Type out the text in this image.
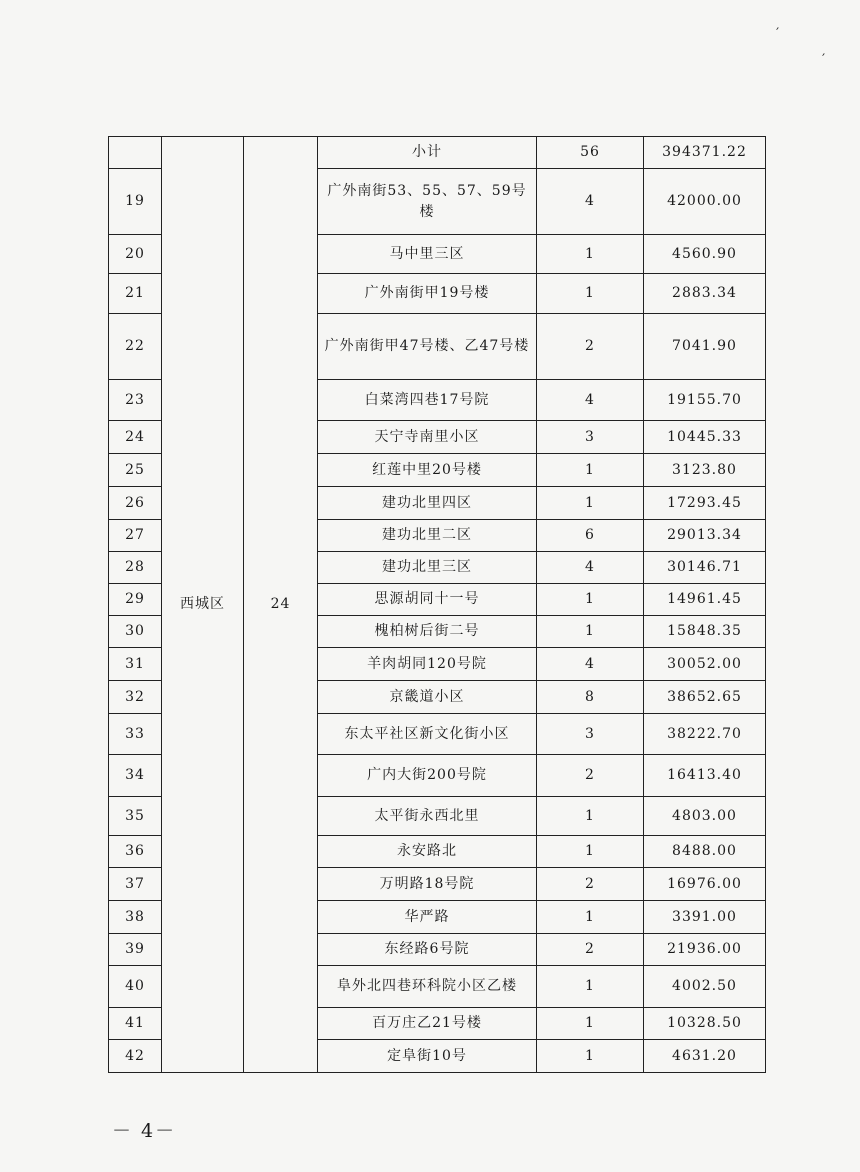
′
′
	西城区	24	小计	56	394371.22
19			广外南街53、55、57、59号楼	4	42000.00
20			马中里三区	1	4560.90
21			广外南街甲19号楼	1	2883.34
22			广外南街甲47号楼、乙47号楼	2	7041.90
23			白菜湾四巷17号院	4	19155.70
24			天宁寺南里小区	3	10445.33
25			红莲中里20号楼	1	3123.80
26			建功北里四区	1	17293.45
27			建功北里二区	6	29013.34
28			建功北里三区	4	30146.71
29			思源胡同十一号	1	14961.45
30			槐柏树后街二号	1	15848.35
31			羊肉胡同120号院	4	30052.00
32			京畿道小区	8	38652.65
33			东太平社区新文化街小区	3	38222.70
34			广内大街200号院	2	16413.40
35			太平街永西北里	1	4803.00
36			永安路北	1	8488.00
37			万明路18号院	2	16976.00
38			华严路	1	3391.00
39			东经路6号院	2	21936.00
40			阜外北四巷环科院小区乙楼	1	4002.50
41			百万庄乙21号楼	1	10328.50
42			定阜街10号	1	4631.20
－ 4－
